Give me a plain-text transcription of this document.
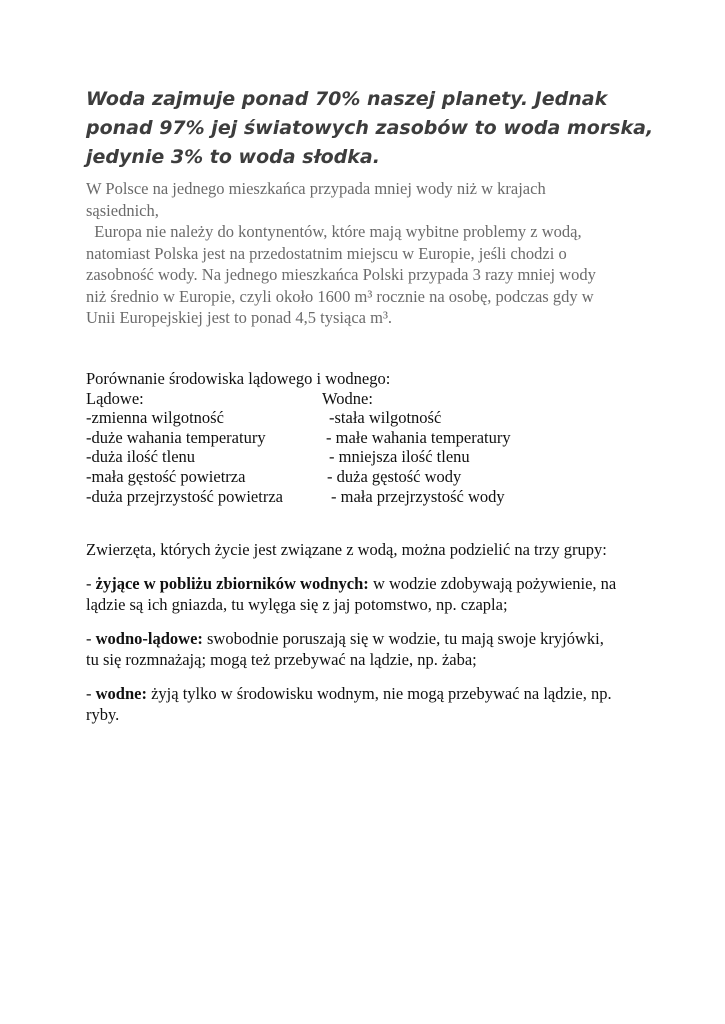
Woda zajmuje ponad 70% naszej planety. Jednak
ponad 97% jej światowych zasobów to woda morska,
jedynie 3% to woda słodka.

W Polsce na jednego mieszkańca przypada mniej wody niż w krajach
sąsiednich,
Europa nie należy do kontynentów, które mają wybitne problemy z wodą,
natomiast Polska jest na przedostatnim miejscu w Europie, jeśli chodzi o
zasobność wody. Na jednego mieszkańca Polski przypada 3 razy mniej wody
niż średnio w Europie, czyli około 1600 m³ rocznie na osobę, podczas gdy w
Unii Europejskiej jest to ponad 4,5 tysiąca m³.

Porównanie środowiska lądowego i wodnego:
Lądowe:	Wodne:
-zmienna wilgotność	-stała wilgotność
-duże wahania temperatury	- małe wahania temperatury
-duża ilość tlenu	- mniejsza ilość tlenu
-mała gęstość powietrza	- duża gęstość wody
-duża przejrzystość powietrza	- mała przejrzystość wody

Zwierzęta, których życie jest związane z wodą, można podzielić na trzy grupy:

- żyjące w pobliżu zbiorników wodnych: w wodzie zdobywają pożywienie, na
lądzie są ich gniazda, tu wylęga się z jaj potomstwo, np. czapla;
- wodno-lądowe: swobodnie poruszają się w wodzie, tu mają swoje kryjówki,
tu się rozmnażają; mogą też przebywać na lądzie, np. żaba;
- wodne: żyją tylko w środowisku wodnym, nie mogą przebywać na lądzie, np.
ryby.
